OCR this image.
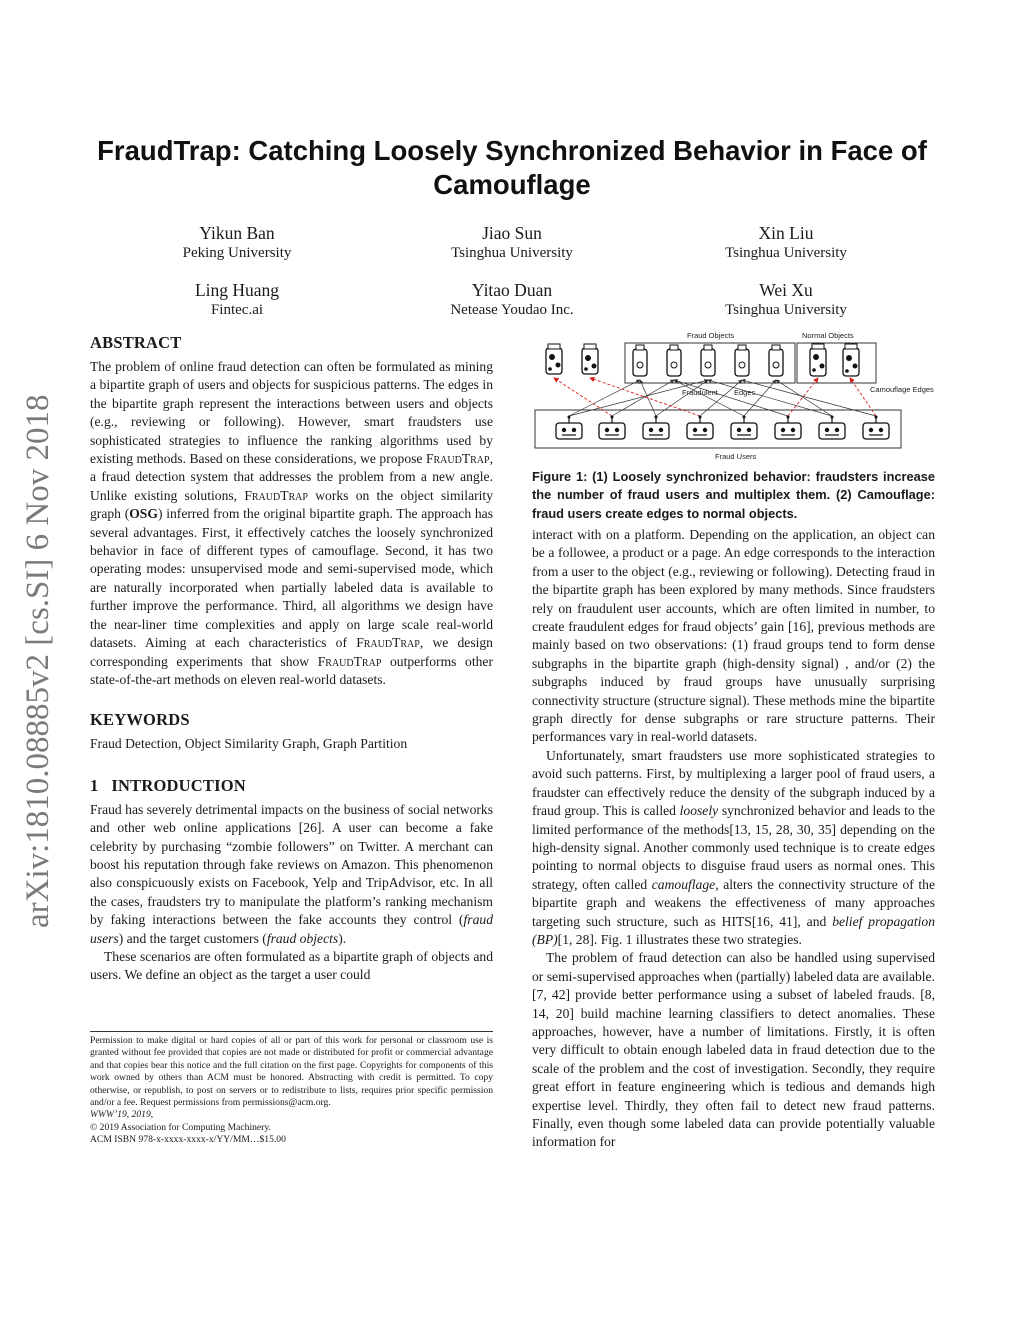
arXiv:1810.08885v2 [cs.SI] 6 Nov 2018
FraudTrap: Catching Loosely Synchronized Behavior in Face of Camouflage
Yikun Ban
Peking University
Jiao Sun
Tsinghua University
Xin Liu
Tsinghua University
Ling Huang
Fintec.ai
Yitao Duan
Netease Youdao Inc.
Wei Xu
Tsinghua University
ABSTRACT

The problem of online fraud detection can often be formulated as mining a bipartite graph of users and objects for suspicious patterns. The edges in the bipartite graph represent the interactions between users and objects (e.g., reviewing or following). However, smart fraudsters use sophisticated strategies to influence the ranking algorithms used by existing methods. Based on these considerations, we propose FraudTrap, a fraud detection system that addresses the problem from a new angle. Unlike existing solutions, FraudTrap works on the object similarity graph (OSG) inferred from the original bipartite graph. The approach has several advantages. First, it effectively catches the loosely synchronized behavior in face of different types of camouflage. Second, it has two operating modes: unsupervised mode and semi-supervised mode, which are naturally incorporated when partially labeled data is available to further improve the performance. Third, all algorithms we design have the near-liner time complexities and apply on large scale real-world datasets. Aiming at each characteristics of FraudTrap, we design corresponding experiments that show FraudTrap outperforms other state-of-the-art methods on eleven real-world datasets.

KEYWORDS

Fraud Detection, Object Similarity Graph, Graph Partition

1   INTRODUCTION

Fraud has severely detrimental impacts on the business of social networks and other web online applications [26]. A user can become a fake celebrity by purchasing “zombie followers” on Twitter. A merchant can boost his reputation through fake reviews on Amazon. This phenomenon also conspicuously exists on Facebook, Yelp and TripAdvisor, etc. In all the cases, fraudsters try to manipulate the platform’s ranking mechanism by faking interactions between the fake accounts they control (fraud users) and the target customers (fraud objects).

These scenarios are often formulated as a bipartite graph of objects and users. We define an object as the target a user could

Permission to make digital or hard copies of all or part of this work for personal or classroom use is granted without fee provided that copies are not made or distributed for profit or commercial advantage and that copies bear this notice and the full citation on the first page. Copyrights for components of this work owned by others than ACM must be honored. Abstracting with credit is permitted. To copy otherwise, or republish, to post on servers or to redistribute to lists, requires prior specific permission and/or a fee. Request permissions from permissions@acm.org.

WWW’19, 2019,

© 2019 Association for Computing Machinery.

ACM ISBN 978-x-xxxx-xxxx-x/YY/MM…$15.00

Fraud Objects	Normal Objects
Camouflage Edges
Fraudulent Edges
Fraud Users
Figure 1: (1) Loosely synchronized behavior: fraudsters increase the number of fraud users and multiplex them. (2) Camouflage: fraud users create edges to normal objects.

interact with on a platform. Depending on the application, an object can be a followee, a product or a page. An edge corresponds to the interaction from a user to the object (e.g., reviewing or following). Detecting fraud in the bipartite graph has been explored by many methods. Since fraudsters rely on fraudulent user accounts, which are often limited in number, to create fraudulent edges for fraud objects’ gain [16], previous methods are mainly based on two observations: (1) fraud groups tend to form dense subgraphs in the bipartite graph (high-density signal) , and/or (2) the subgraphs induced by fraud groups have unusually surprising connectivity structure (structure signal). These methods mine the bipartite graph directly for dense subgraphs or rare structure patterns. Their performances vary in real-world datasets.

Unfortunately, smart fraudsters use more sophisticated strategies to avoid such patterns. First, by multiplexing a larger pool of fraud users, a fraudster can effectively reduce the density of the subgraph induced by a fraud group. This is called loosely synchronized behavior and leads to the limited performance of the methods[13, 15, 28, 30, 35] depending on the high-density signal. Another commonly used technique is to create edges pointing to normal objects to disguise fraud users as normal ones. This strategy, often called camouflage, alters the connectivity structure of the bipartite graph and weakens the effectiveness of many approaches targeting such structure, such as HITS[16, 41], and belief propagation (BP)[1, 28]. Fig. 1 illustrates these two strategies.

The problem of fraud detection can also be handled using supervised or semi-supervised approaches when (partially) labeled data are available. [7, 42] provide better performance using a subset of labeled frauds. [8, 14, 20] build machine learning classifiers to detect anomalies. These approaches, however, have a number of limitations. Firstly, it is often very difficult to obtain enough labeled data in fraud detection due to the scale of the problem and the cost of investigation. Secondly, they require great effort in feature engineering which is tedious and demands high expertise level. Thirdly, they often fail to detect new fraud patterns. Finally, even though some labeled data can provide potentially valuable information for
